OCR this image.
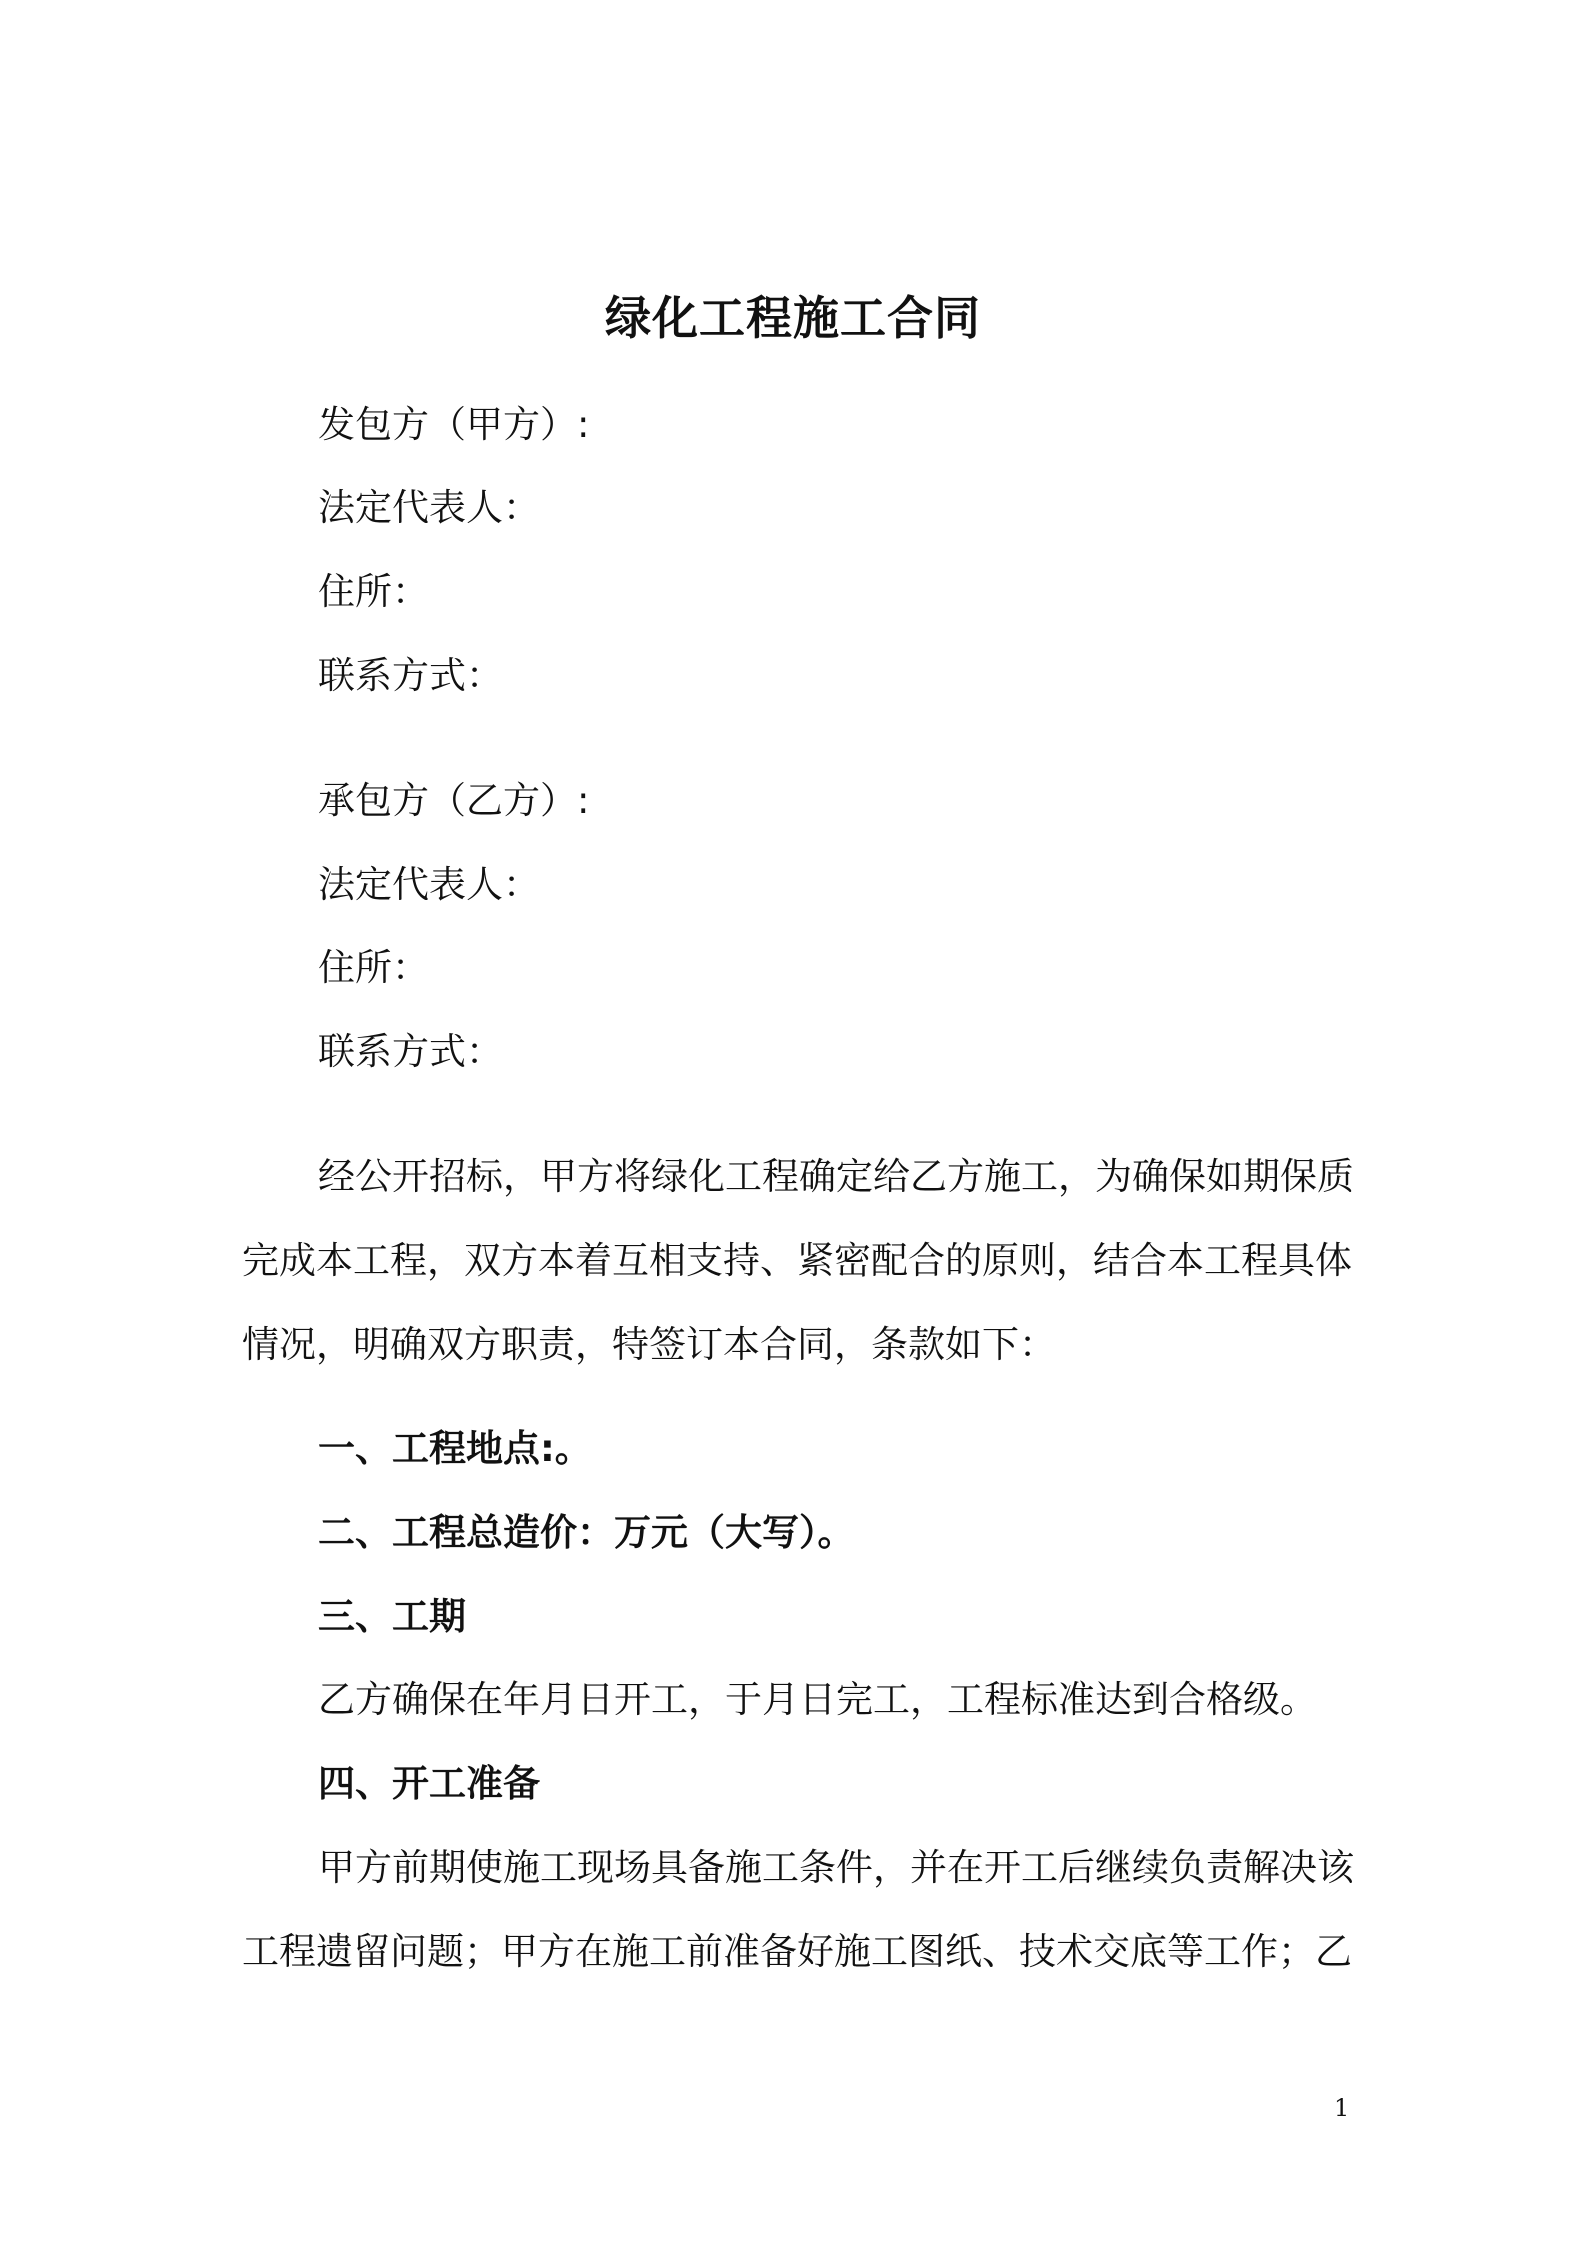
绿化工程施工合同
发包方（甲方）:
法定代表人：
住所：
联系方式：
承包方（乙方）:
法定代表人：
住所：
联系方式：
经公开招标，甲方将绿化工程确定给乙方施工，为确保如期保质
完成本工程，双方本着互相支持、紧密配合的原则，结合本工程具体
情况，明确双方职责，特签订本合同，条款如下：
一、工程地点:。
二、工程总造价：万元（大写）。
三、工期
乙方确保在年月日开工，于月日完工，工程标准达到合格级。
四、开工准备
甲方前期使施工现场具备施工条件，并在开工后继续负责解决该
工程遗留问题；甲方在施工前准备好施工图纸、技术交底等工作；乙
1
